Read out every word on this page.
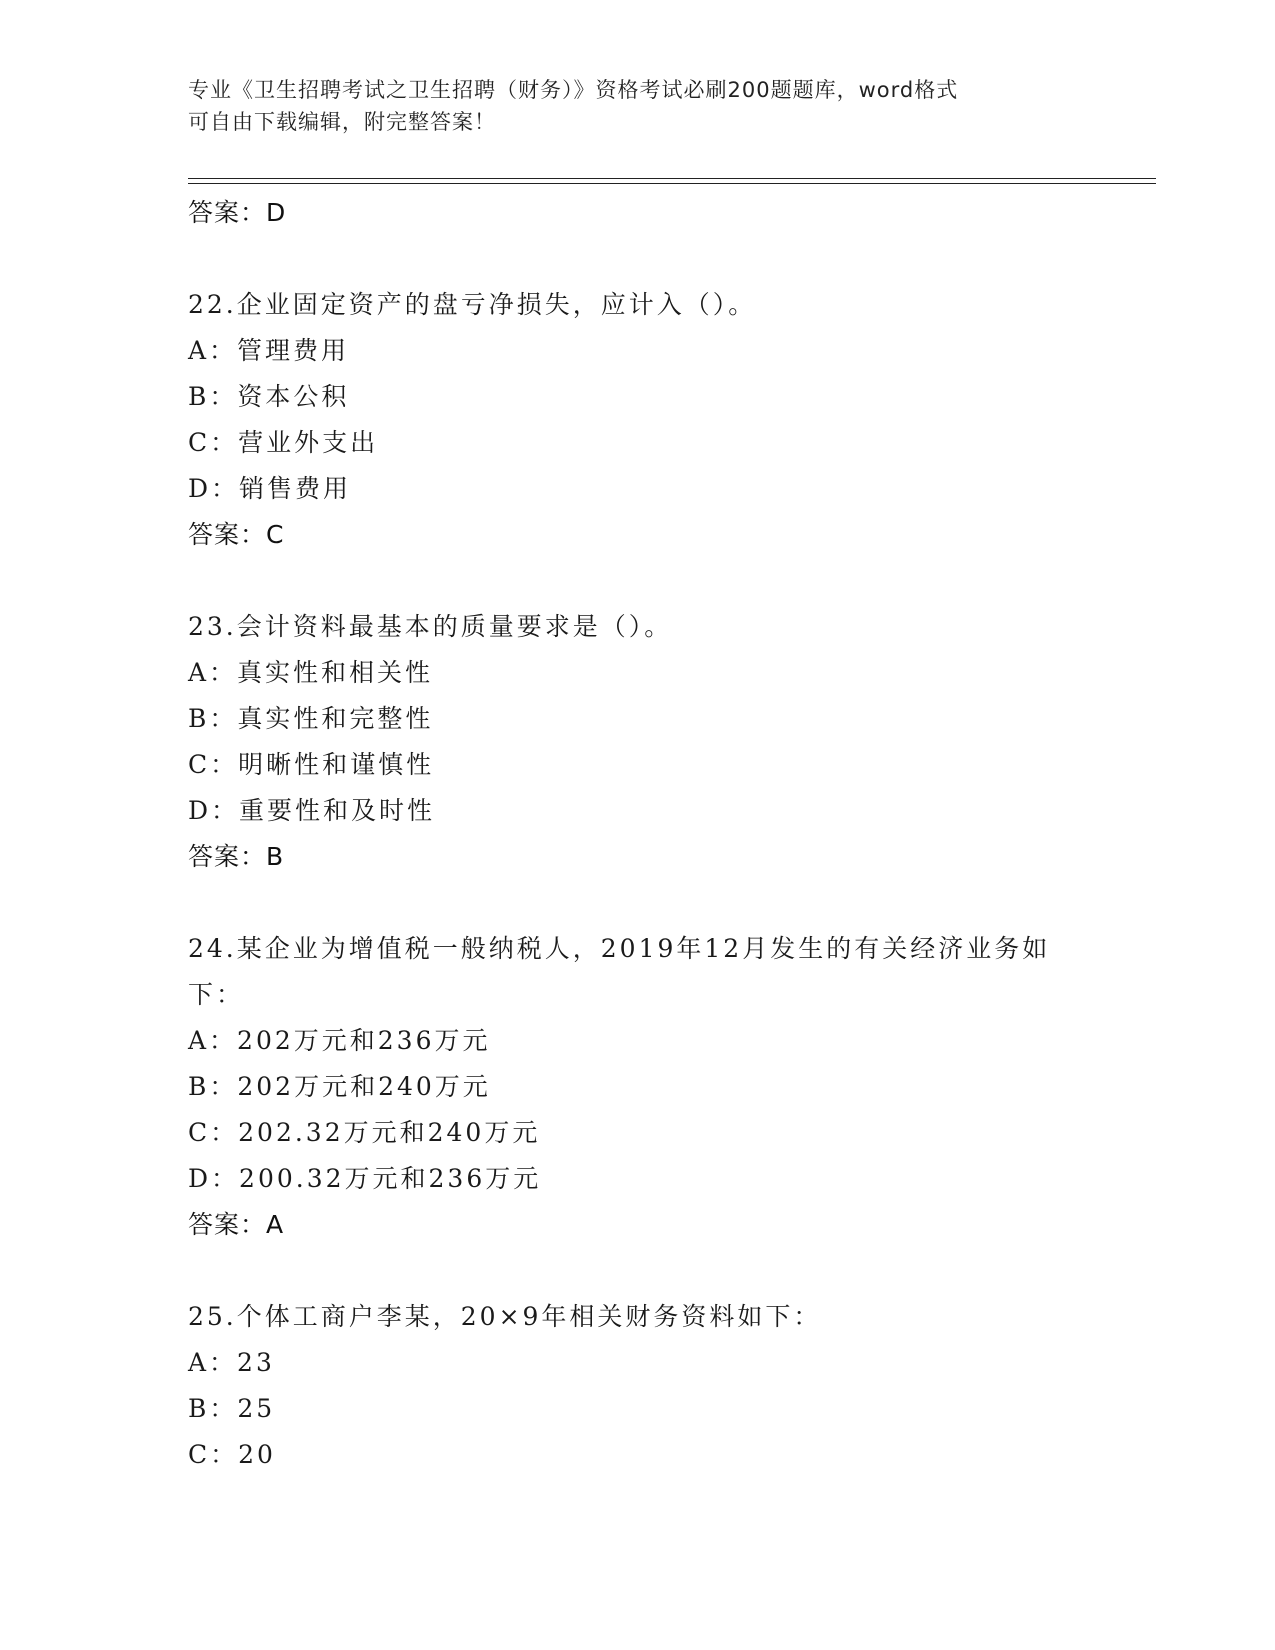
专业《卫生招聘考试之卫生招聘（财务）》资格考试必刷200题题库，word格式
可自由下载编辑，附完整答案！
答案：D
22.企业固定资产的盘亏净损失，应计入（）。
A：管理费用
B：资本公积
C：营业外支出
D：销售费用
答案：C
23.会计资料最基本的质量要求是（）。
A：真实性和相关性
B：真实性和完整性
C：明晰性和谨慎性
D：重要性和及时性
答案：B
24.某企业为增值税一般纳税人，2019年12月发生的有关经济业务如下：
A：202万元和236万元
B：202万元和240万元
C：202.32万元和240万元
D：200.32万元和236万元
答案：A
25.个体工商户李某，20×9年相关财务资料如下：
A：23
B：25
C：20
